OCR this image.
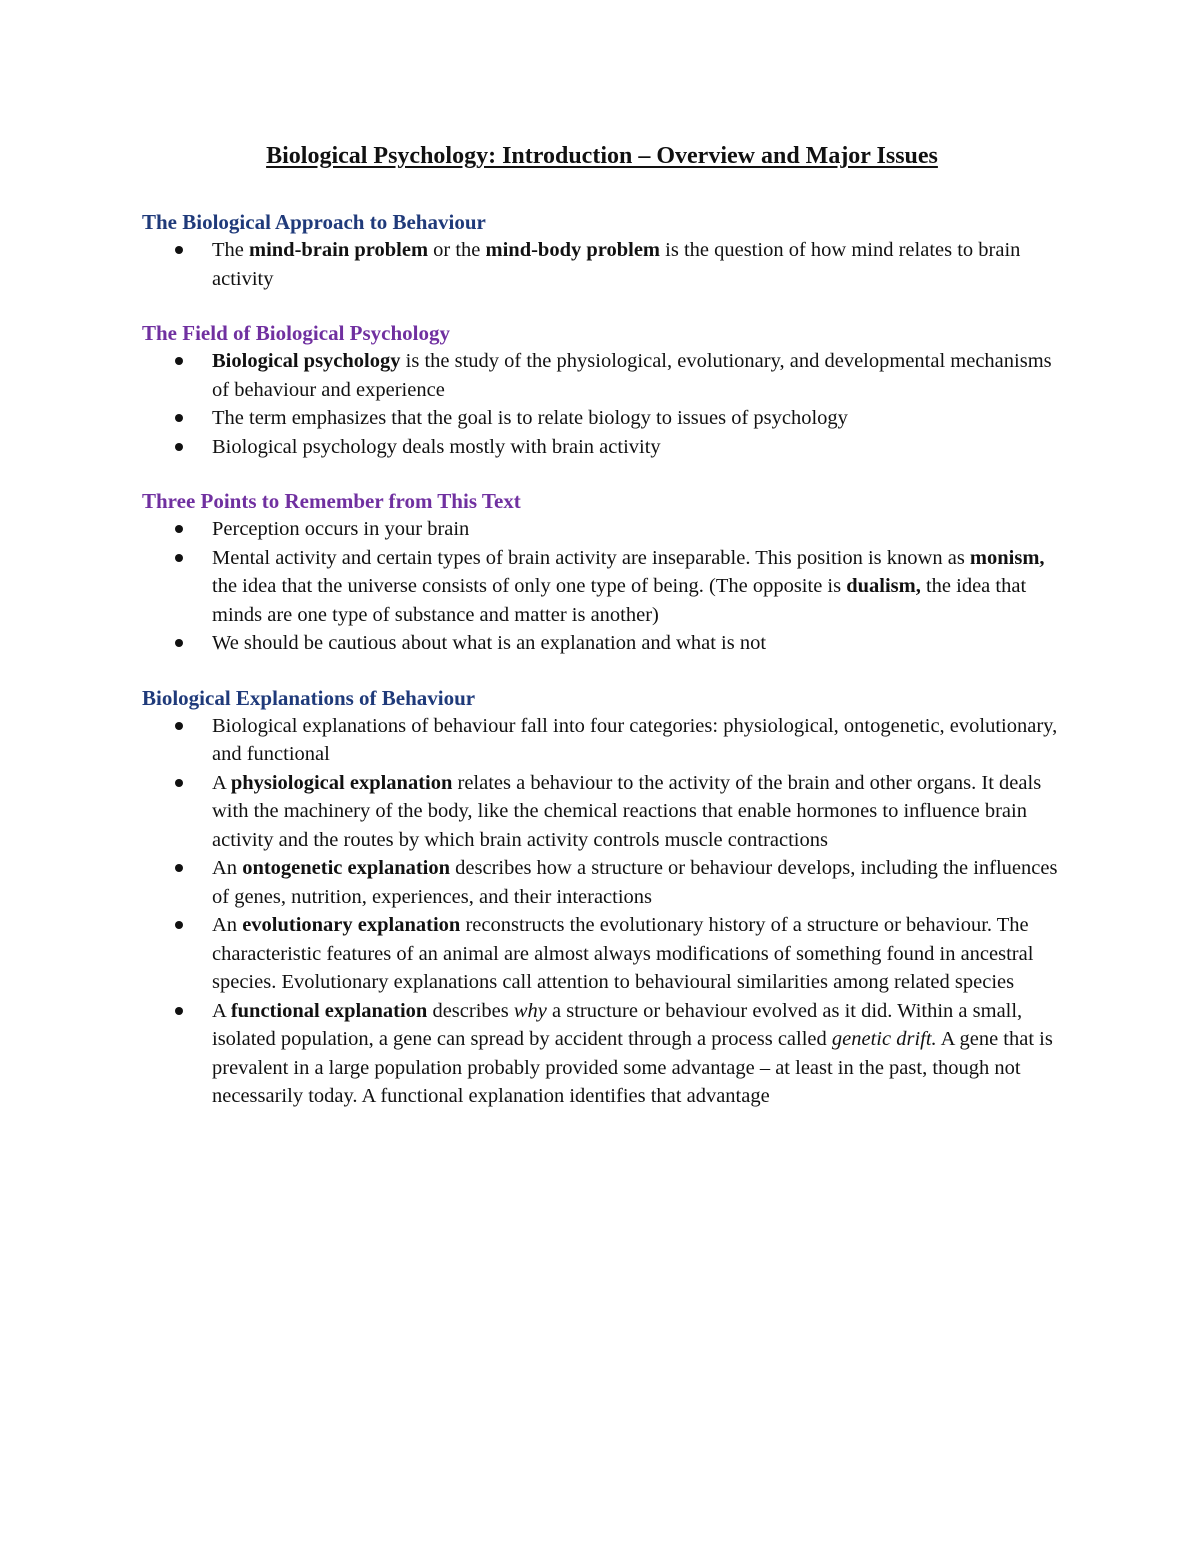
Biological Psychology: Introduction – Overview and Major Issues
The Biological Approach to Behaviour
The mind-brain problem or the mind-body problem is the question of how mind relates to brain activity
The Field of Biological Psychology
Biological psychology is the study of the physiological, evolutionary, and developmental mechanisms of behaviour and experience
The term emphasizes that the goal is to relate biology to issues of psychology
Biological psychology deals mostly with brain activity
Three Points to Remember from This Text
Perception occurs in your brain
Mental activity and certain types of brain activity are inseparable. This position is known as monism, the idea that the universe consists of only one type of being. (The opposite is dualism, the idea that minds are one type of substance and matter is another)
We should be cautious about what is an explanation and what is not
Biological Explanations of Behaviour
Biological explanations of behaviour fall into four categories: physiological, ontogenetic, evolutionary, and functional
A physiological explanation relates a behaviour to the activity of the brain and other organs. It deals with the machinery of the body, like the chemical reactions that enable hormones to influence brain activity and the routes by which brain activity controls muscle contractions
An ontogenetic explanation describes how a structure or behaviour develops, including the influences of genes, nutrition, experiences, and their interactions
An evolutionary explanation reconstructs the evolutionary history of a structure or behaviour. The characteristic features of an animal are almost always modifications of something found in ancestral species. Evolutionary explanations call attention to behavioural similarities among related species
A functional explanation describes why a structure or behaviour evolved as it did. Within a small, isolated population, a gene can spread by accident through a process called genetic drift. A gene that is prevalent in a large population probably provided some advantage – at least in the past, though not necessarily today. A functional explanation identifies that advantage
